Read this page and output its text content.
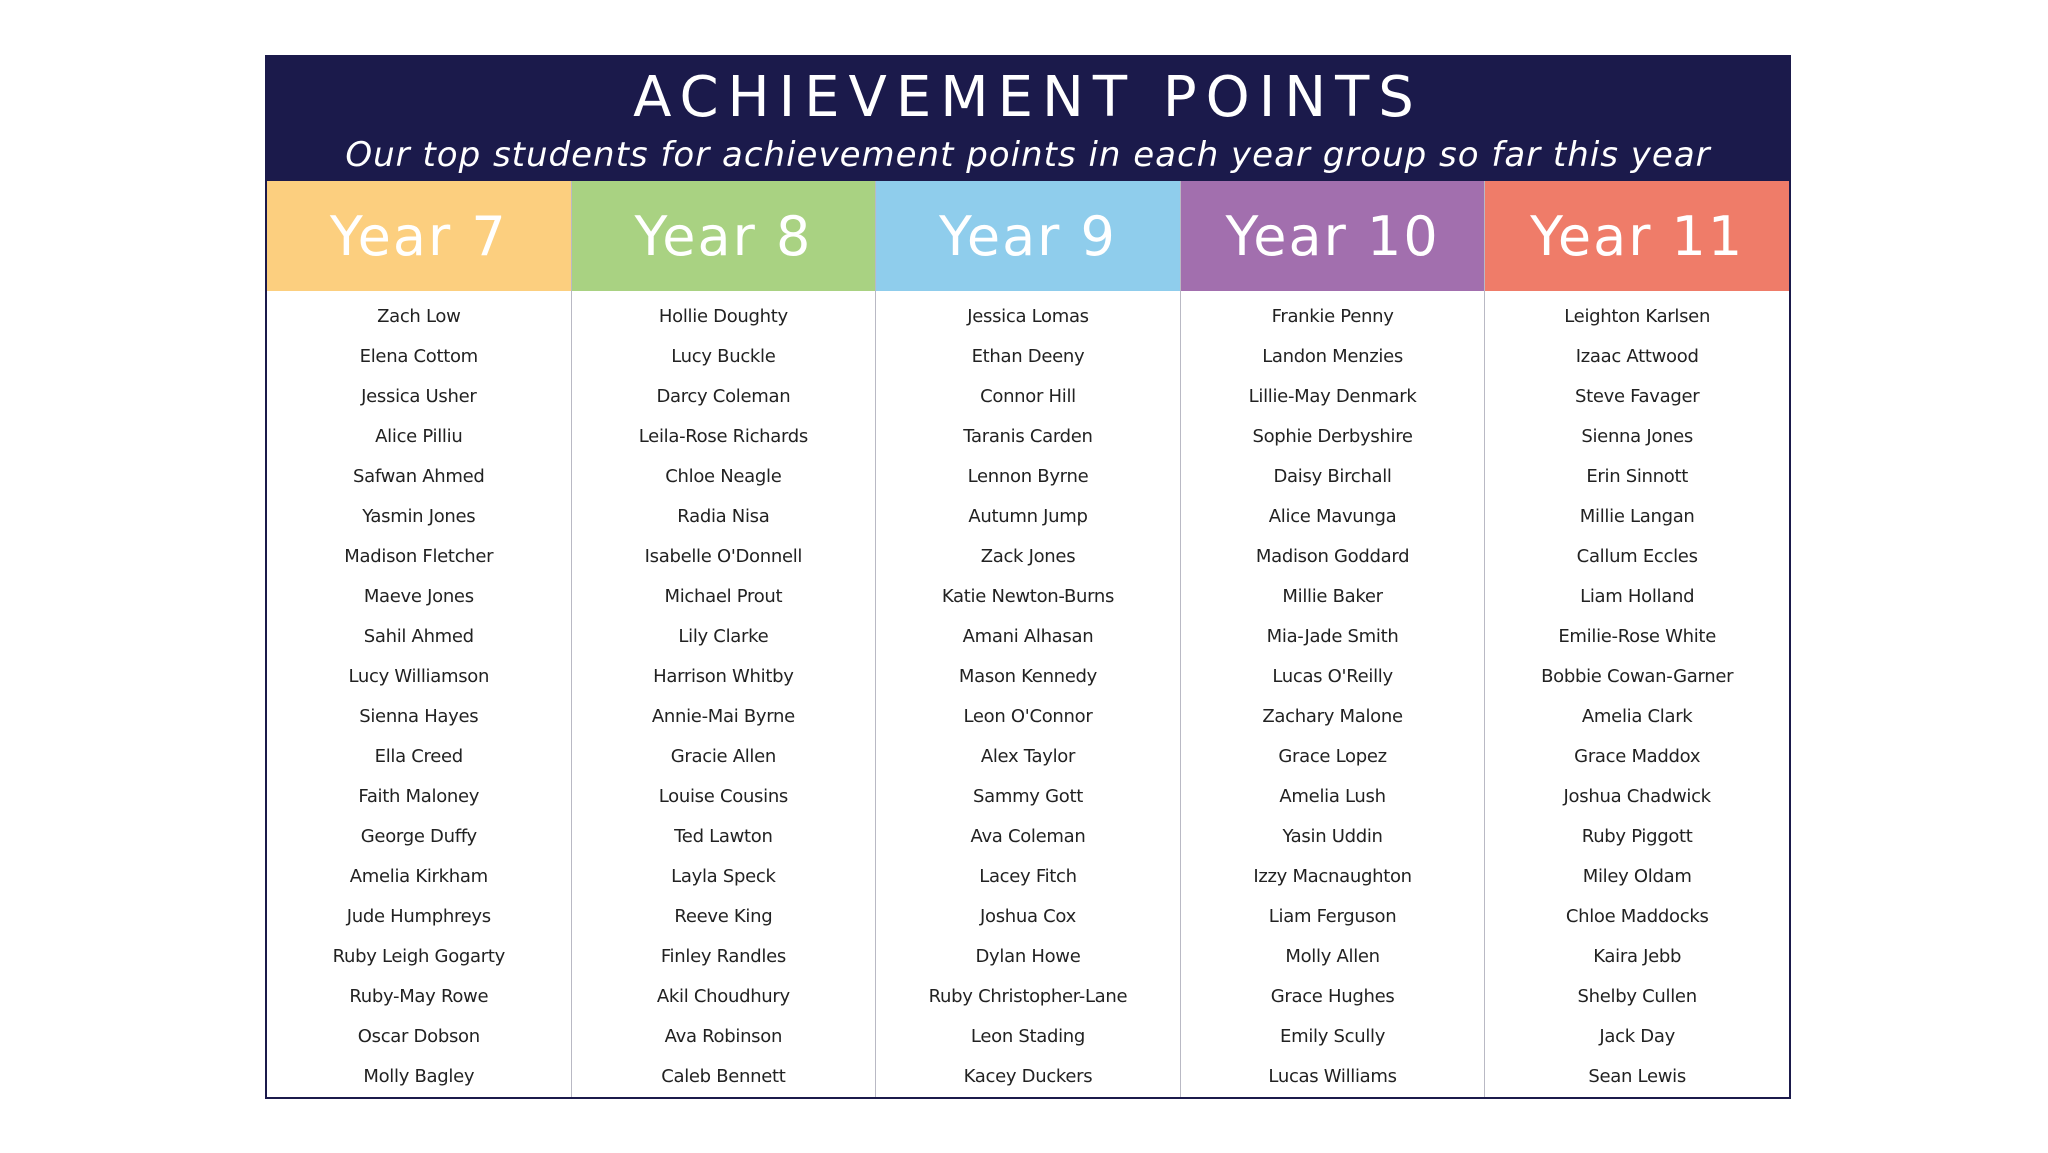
ACHIEVEMENT POINTS
Our top students for achievement points in each year group so far this year
Year 7
Zach Low
Elena Cottom
Jessica Usher
Alice Pilliu
Safwan Ahmed
Yasmin Jones
Madison Fletcher
Maeve Jones
Sahil Ahmed
Lucy Williamson
Sienna Hayes
Ella Creed
Faith Maloney
George Duffy
Amelia Kirkham
Jude Humphreys
Ruby Leigh Gogarty
Ruby-May Rowe
Oscar Dobson
Molly Bagley
Year 8
Hollie Doughty
Lucy Buckle
Darcy Coleman
Leila-Rose Richards
Chloe Neagle
Radia Nisa
Isabelle O'Donnell
Michael Prout
Lily Clarke
Harrison Whitby
Annie-Mai Byrne
Gracie Allen
Louise Cousins
Ted Lawton
Layla Speck
Reeve King
Finley Randles
Akil Choudhury
Ava Robinson
Caleb Bennett
Year 9
Jessica Lomas
Ethan Deeny
Connor Hill
Taranis Carden
Lennon Byrne
Autumn Jump
Zack Jones
Katie Newton-Burns
Amani Alhasan
Mason Kennedy
Leon O'Connor
Alex Taylor
Sammy Gott
Ava Coleman
Lacey Fitch
Joshua Cox
Dylan Howe
Ruby Christopher-Lane
Leon Stading
Kacey Duckers
Year 10
Frankie Penny
Landon Menzies
Lillie-May Denmark
Sophie Derbyshire
Daisy Birchall
Alice Mavunga
Madison Goddard
Millie Baker
Mia-Jade Smith
Lucas O'Reilly
Zachary Malone
Grace Lopez
Amelia Lush
Yasin Uddin
Izzy Macnaughton
Liam Ferguson
Molly Allen
Grace Hughes
Emily Scully
Lucas Williams
Year 11
Leighton Karlsen
Izaac Attwood
Steve Favager
Sienna Jones
Erin Sinnott
Millie Langan
Callum Eccles
Liam Holland
Emilie-Rose White
Bobbie Cowan-Garner
Amelia Clark
Grace Maddox
Joshua Chadwick
Ruby Piggott
Miley Oldam
Chloe Maddocks
Kaira Jebb
Shelby Cullen
Jack Day
Sean Lewis
